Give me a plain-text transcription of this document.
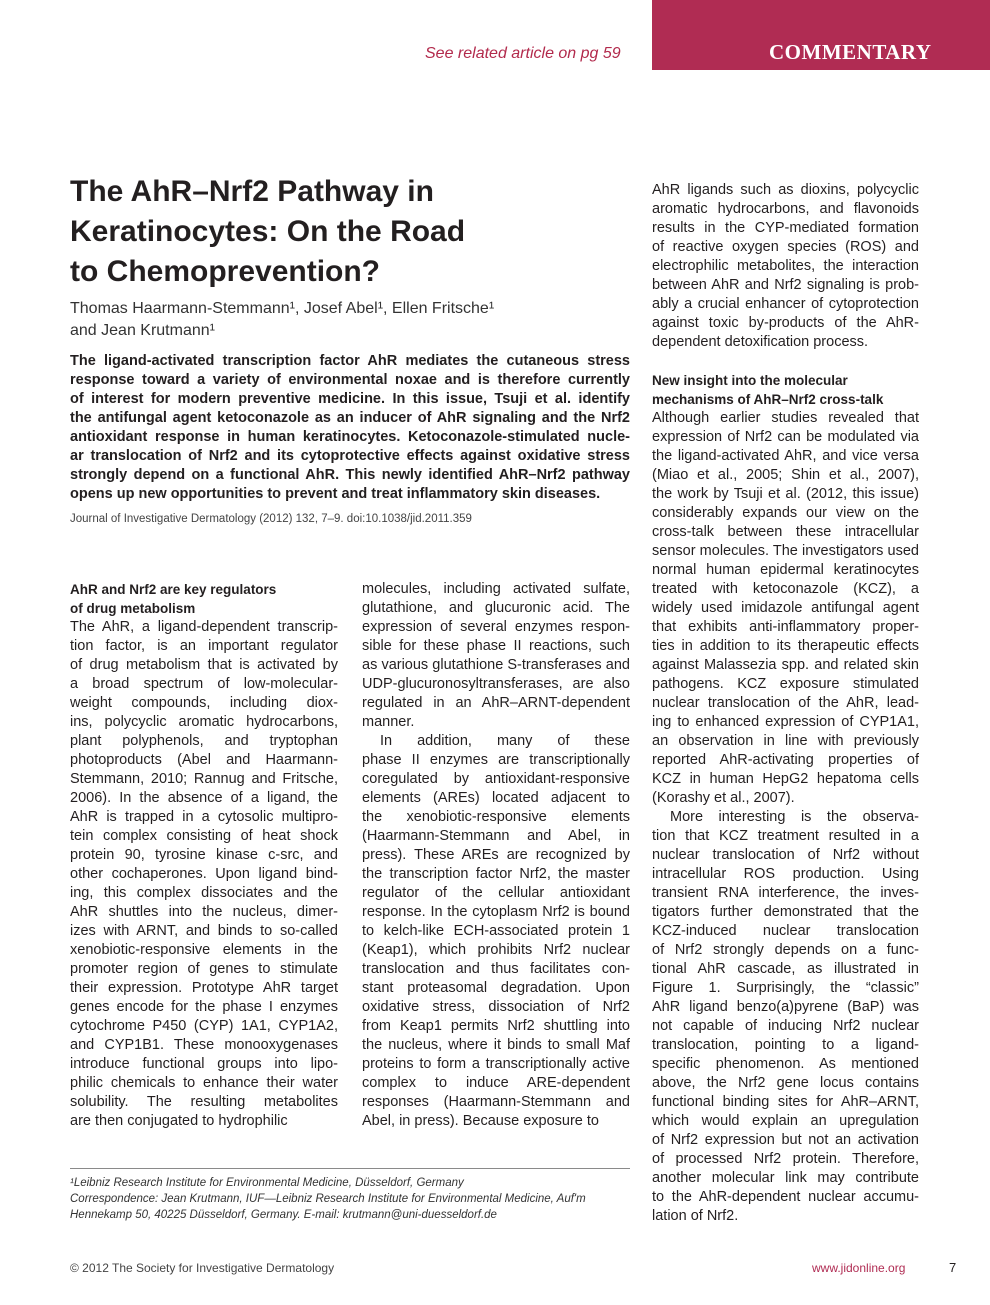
See related article on pg 59	COMMENTARY
The AhR–Nrf2 Pathway in
Keratinocytes: On the Road
to Chemoprevention?
Thomas Haarmann-Stemmann¹, Josef Abel¹, Ellen Fritsche¹
and Jean Krutmann¹
The ligand-activated transcription factor AhR mediates the cutaneous stress
response toward a variety of environmental noxae and is therefore currently
of interest for modern preventive medicine. In this issue, Tsuji et al. identify
the antifungal agent ketoconazole as an inducer of AhR signaling and the Nrf2
antioxidant response in human keratinocytes. Ketoconazole-stimulated nucle-
ar translocation of Nrf2 and its cytoprotective effects against oxidative stress
strongly depend on a functional AhR. This newly identified AhR–Nrf2 pathway
opens up new opportunities to prevent and treat inflammatory skin diseases.
Journal of Investigative Dermatology (2012) 132, 7–9. doi:10.1038/jid.2011.359
AhR and Nrf2 are key regulators
of drug metabolism
The AhR, a ligand-dependent transcrip-
tion factor, is an important regulator
of drug metabolism that is activated by
a broad spectrum of low-molecular-
weight compounds, including diox-
ins, polycyclic aromatic hydrocarbons,
plant polyphenols, and tryptophan
photoproducts (Abel and Haarmann-
Stemmann, 2010; Rannug and Fritsche,
2006). In the absence of a ligand, the
AhR is trapped in a cytosolic multipro-
tein complex consisting of heat shock
protein 90, tyrosine kinase c-src, and
other cochaperones. Upon ligand bind-
ing, this complex dissociates and the
AhR shuttles into the nucleus, dimer-
izes with ARNT, and binds to so-called
xenobiotic-responsive elements in the
promoter region of genes to stimulate
their expression. Prototype AhR target
genes encode for the phase I enzymes
cytochrome P450 (CYP) 1A1, CYP1A2,
and CYP1B1. These monooxygenases
introduce functional groups into lipo-
philic chemicals to enhance their water
solubility. The resulting metabolites
are then conjugated to hydrophilic
molecules, including activated sulfate,
glutathione, and glucuronic acid. The
expression of several enzymes respon-
sible for these phase II reactions, such
as various glutathione S-transferases and
UDP-glucuronosyltransferases, are also
regulated in an AhR–ARNT-dependent
manner.
In addition, many of these
phase II enzymes are transcriptionally
coregulated by antioxidant-responsive
elements (AREs) located adjacent to
the xenobiotic-responsive elements
(Haarmann-Stemmann and Abel, in
press). These AREs are recognized by
the transcription factor Nrf2, the master
regulator of the cellular antioxidant
response. In the cytoplasm Nrf2 is bound
to kelch-like ECH-associated protein 1
(Keap1), which prohibits Nrf2 nuclear
translocation and thus facilitates con-
stant proteasomal degradation. Upon
oxidative stress, dissociation of Nrf2
from Keap1 permits Nrf2 shuttling into
the nucleus, where it binds to small Maf
proteins to form a transcriptionally active
complex to induce ARE-dependent
responses (Haarmann-Stemmann and
Abel, in press). Because exposure to
AhR ligands such as dioxins, polycyclic
aromatic hydrocarbons, and flavonoids
results in the CYP-mediated formation
of reactive oxygen species (ROS) and
electrophilic metabolites, the interaction
between AhR and Nrf2 signaling is prob-
ably a crucial enhancer of cytoprotection
against toxic by-products of the AhR-
dependent detoxification process.
New insight into the molecular
mechanisms of AhR–Nrf2 cross-talk
Although earlier studies revealed that
expression of Nrf2 can be modulated via
the ligand-activated AhR, and vice versa
(Miao et al., 2005; Shin et al., 2007),
the work by Tsuji et al. (2012, this issue)
considerably expands our view on the
cross-talk between these intracellular
sensor molecules. The investigators used
normal human epidermal keratinocytes
treated with ketoconazole (KCZ), a
widely used imidazole antifungal agent
that exhibits anti-inflammatory proper-
ties in addition to its therapeutic effects
against Malassezia spp. and related skin
pathogens. KCZ exposure stimulated
nuclear translocation of the AhR, lead-
ing to enhanced expression of CYP1A1,
an observation in line with previously
reported AhR-activating properties of
KCZ in human HepG2 hepatoma cells
(Korashy et al., 2007).
More interesting is the observa-
tion that KCZ treatment resulted in a
nuclear translocation of Nrf2 without
intracellular ROS production. Using
transient RNA interference, the inves-
tigators further demonstrated that the
KCZ-induced nuclear translocation
of Nrf2 strongly depends on a func-
tional AhR cascade, as illustrated in
Figure 1. Surprisingly, the “classic”
AhR ligand benzo(a)pyrene (BaP) was
not capable of inducing Nrf2 nuclear
translocation, pointing to a ligand-
specific phenomenon. As mentioned
above, the Nrf2 gene locus contains
functional binding sites for AhR–ARNT,
which would explain an upregulation
of Nrf2 expression but not an activation
of processed Nrf2 protein. Therefore,
another molecular link may contribute
to the AhR-dependent nuclear accumu-
lation of Nrf2.
¹Leibniz Research Institute for Environmental Medicine, Düsseldorf, Germany
Correspondence: Jean Krutmann, IUF—Leibniz Research Institute for Environmental Medicine, Auf'm
Hennekamp 50, 40225 Düsseldorf, Germany. E-mail: krutmann@uni-duesseldorf.de
© 2012 The Society for Investigative Dermatology	www.jidonline.org	7
